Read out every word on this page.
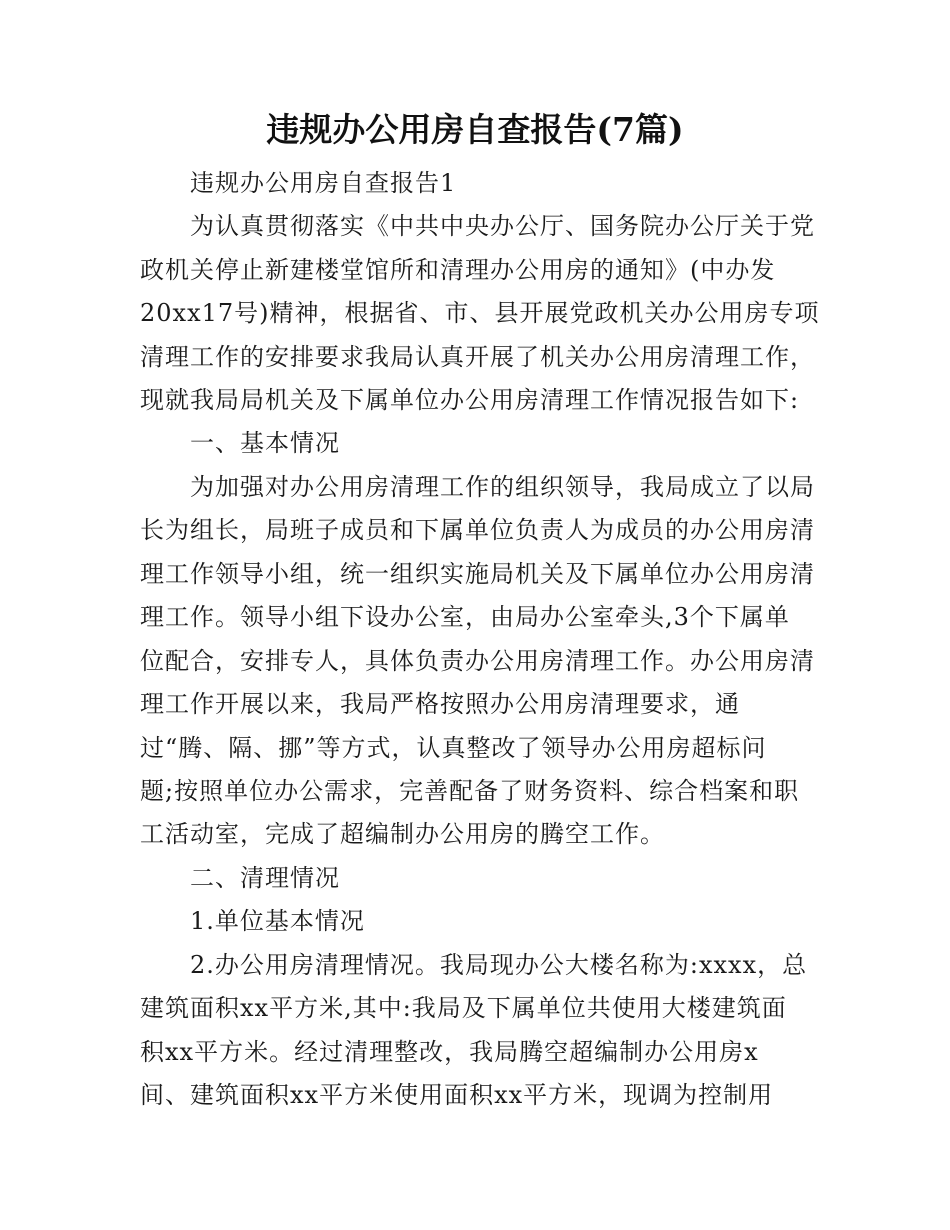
违规办公用房自查报告(7篇)
违规办公用房自查报告1
为认真贯彻落实《中共中央办公厅、国务院办公厅关于党
政机关停止新建楼堂馆所和清理办公用房的通知》(中办发
20xx17号)精神，根据省、市、县开展党政机关办公用房专项
清理工作的安排要求我局认真开展了机关办公用房清理工作，
现就我局局机关及下属单位办公用房清理工作情况报告如下:
一、基本情况
为加强对办公用房清理工作的组织领导，我局成立了以局
长为组长，局班子成员和下属单位负责人为成员的办公用房清
理工作领导小组，统一组织实施局机关及下属单位办公用房清
理工作。领导小组下设办公室，由局办公室牵头,3个下属单
位配合，安排专人，具体负责办公用房清理工作。办公用房清
理工作开展以来，我局严格按照办公用房清理要求，通
过“腾、隔、挪”等方式，认真整改了领导办公用房超标问
题;按照单位办公需求，完善配备了财务资料、综合档案和职
工活动室，完成了超编制办公用房的腾空工作。
二、清理情况
1.单位基本情况
2.办公用房清理情况。我局现办公大楼名称为:xxxx，总
建筑面积xx平方米,其中:我局及下属单位共使用大楼建筑面
积xx平方米。经过清理整改，我局腾空超编制办公用房x
间、建筑面积xx平方米使用面积xx平方米，现调为控制用
